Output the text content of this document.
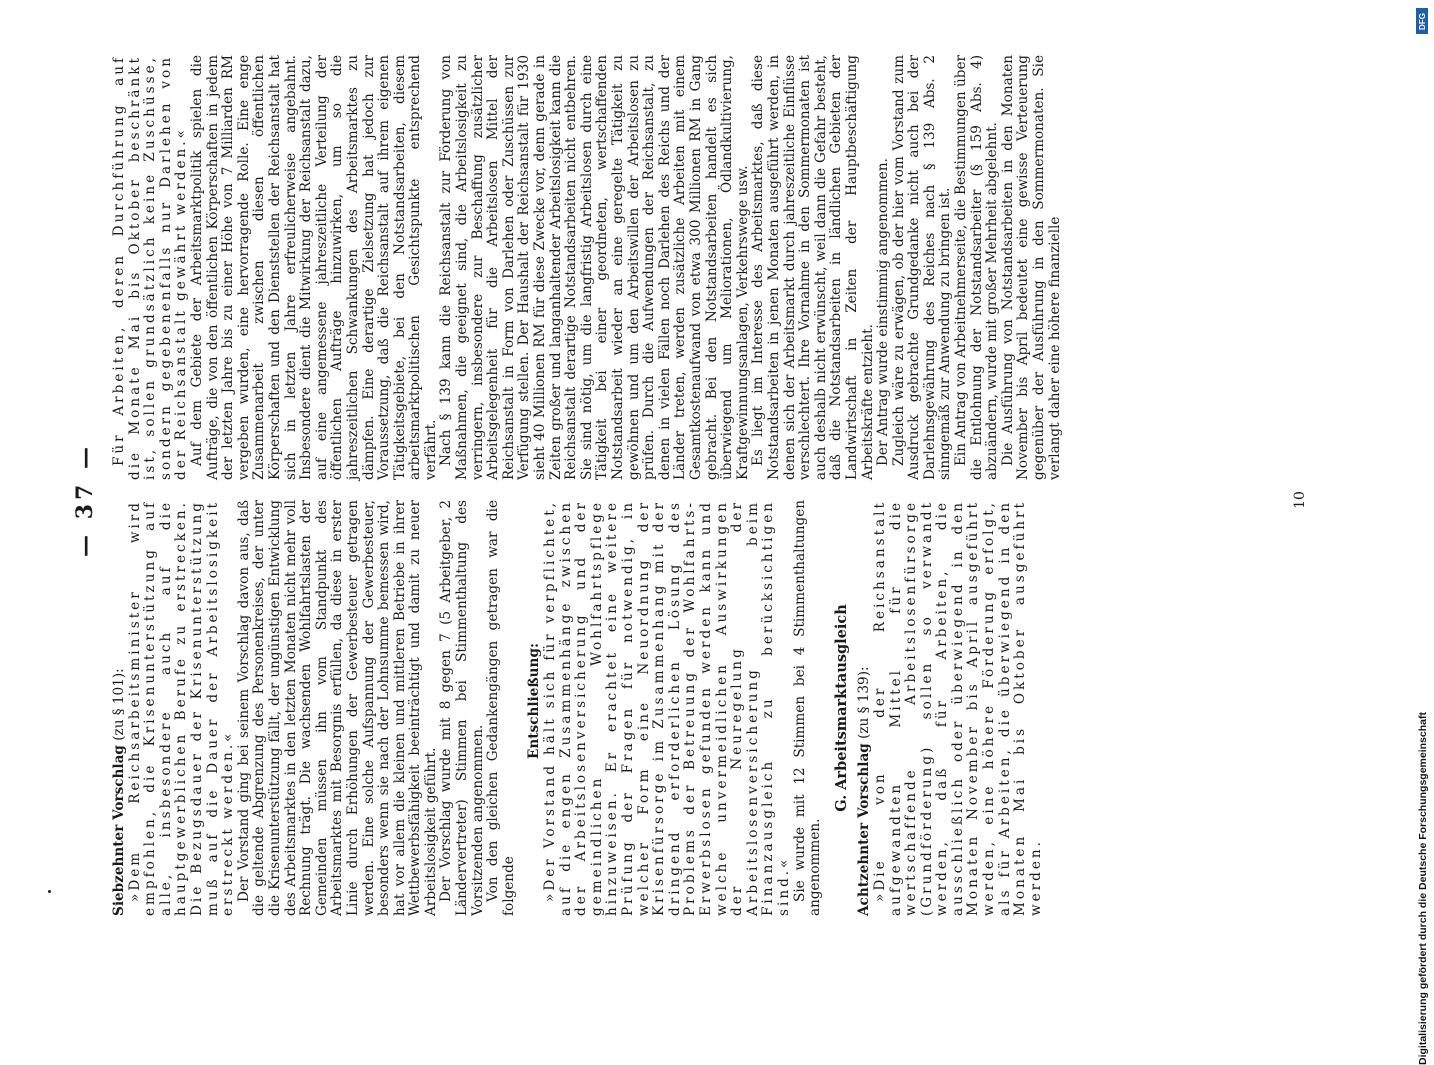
— 37 —

Siebzehnter Vorschlag (zu § 101): »Dem Reichsarbeitsminister wird empfohlen, die Krisenunterstützung auf alle, insbesondere auch auf die hauptgewerblichen Berufe zu erstrecken. Die Bezugsdauer der Krisenunterstützung muß auf die Dauer der Arbeitslosigkeit erstreckt werden.« Der Vorstand ging bei seinem Vorschlag davon aus, daß die geltende Abgrenzung des Personenkreises, der unter die Krisenunterstützung fällt, der ungünstigen Entwicklung des Arbeitsmarktes in den letzten Monaten nicht mehr voll Rechnung trägt. Die wachsenden Wohlfahrtslasten der Gemeinden müssen ihn vom Standpunkt des Arbeitsmarktes mit Besorgnis erfüllen, da diese in erster Linie durch Erhöhungen der Gewerbesteuer getragen werden. Eine solche Aufspannung der Gewerbesteuer, besonders wenn sie nach der Lohnsumme bemessen wird, hat vor allem die kleinen und mittleren Betriebe in ihrer Wettbewerbsfähigkeit beeinträchtigt und damit zu neuer Arbeitslosigkeit geführt. Der Vorschlag wurde mit 8 gegen 7 (5 Arbeitgeber, 2 Ländervertreter) Stimmen bei Stimmenthaltung des Vorsitzenden angenommen. Von den gleichen Gedankengängen getragen war die folgende

Entschließung: »Der Vorstand hält sich für verpflichtet, auf die engen Zusammenhänge zwischen der Arbeitslosenversicherung und der gemeindlichen Wohlfahrtspflege hinzuweisen. Er erachtet eine weitere Prüfung der Fragen für notwendig, in welcher Form eine Neuordnung der Krisenfürsorge im Zusammenhang mit der dringend erforderlichen Lösung des Problems der Betreuung der Wohlfahrts-Erwerbslosen gefunden werden kann und welche unvermeidlichen Auswirkungen der Neuregelung der Arbeitslosenversicherung beim Finanzausgleich zu berücksichtigen sind.« Sie wurde mit 12 Stimmen bei 4 Stimmenthaltungen angenommen.

G. Arbeitsmarktausgleich

Achtzehnter Vorschlag (zu § 139): »Die von der Reichsanstalt aufgewandten Mittel für die wertschaffende Arbeitslosenfürsorge (Grundförderung) sollen so verwandt werden, daß für Arbeiten, die ausschließlich oder überwiegend in den Monaten November bis April ausgeführt werden, eine höhere Förderung erfolgt, als für Arbeiten, die überwiegend in den Monaten Mai bis Oktober ausgeführt werden.

Für Arbeiten, deren Durchführung auf die Monate Mai bis Oktober beschränkt ist, sollen grundsätzlich keine Zuschüsse, sondern gegebenenfalls nur Darlehen von der Reichsanstalt gewährt werden.« Auf dem Gebiete der Arbeitsmarktpolitik spielen die Aufträge, die von den öffentlichen Körperschaften in jedem der letzten Jahre bis zu einer Höhe von 7 Milliarden RM vergeben wurden, eine hervorragende Rolle. Eine enge Zusammenarbeit zwischen diesen öffentlichen Körperschaften und den Dienststellen der Reichsanstalt hat sich in letzten Jahre erfreulicherweise angebahnt. Insbesondere dient die Mitwirkung der Reichsanstalt dazu, auf eine angemessene jahreszeitliche Verteilung der öffentlichen Aufträge hinzuwirken, um so die jahreszeitlichen Schwankungen des Arbeitsmarktes zu dämpfen. Eine derartige Zielsetzung hat jedoch zur Voraussetzung, daß die Reichsanstalt auf ihrem eigenen Tätigkeitsgebiete, bei den Notstandsarbeiten, diesem arbeitsmarktpolitischen Gesichtspunkte entsprechend verfährt. Nach § 139 kann die Reichsanstalt zur Förderung von Maßnahmen, die geeignet sind, die Arbeitslosigkeit zu verringern, insbesondere zur Beschaffung zusätzlicher Arbeitsgelegenheit für die Arbeitslosen Mittel der Reichsanstalt in Form von Darlehen oder Zuschüssen zur Verfügung stellen. Der Haushalt der Reichsanstalt für 1930 sieht 40 Millionen RM für diese Zwecke vor, denn gerade in Zeiten großer und langanhaltender Arbeitslosigkeit kann die Reichsanstalt derartige Notstandsarbeiten nicht entbehren. Sie sind nötig, um die langfristig Arbeitslosen durch eine Tätigkeit bei einer geordneten, wertschaffenden Notstandsarbeit wieder an eine geregelte Tätigkeit zu gewöhnen und um den Arbeitswillen der Arbeitslosen zu prüfen. Durch die Aufwendungen der Reichsanstalt, zu denen in vielen Fällen noch Darlehen des Reichs und der Länder treten, werden zusätzliche Arbeiten mit einem Gesamtkostenaufwand von etwa 300 Millionen RM in Gang gebracht. Bei den Notstandsarbeiten handelt es sich überwiegend um Meliorationen, Ödlandkultivierung, Kraftgewinnungsanlagen, Verkehrswege usw. Es liegt im Interesse des Arbeitsmarktes, daß diese Notstandsarbeiten in jenen Monaten ausgeführt werden, in denen sich der Arbeitsmarkt durch jahreszeitliche Einflüsse verschlechtert. Ihre Vornahme in den Sommermonaten ist auch deshalb nicht erwünscht, weil dann die Gefahr besteht, daß die Notstandsarbeiten in ländlichen Gebieten der Landwirtschaft in Zeiten der Hauptbeschäftigung Arbeitskräfte entzieht. Der Antrag wurde einstimmig angenommen. Zugleich wäre zu erwägen, ob der hier vom Vorstand zum Ausdruck gebrachte Grundgedanke nicht auch bei der Darlehnsgewährung des Reiches nach § 139 Abs. 2 sinngemäß zur Anwendung zu bringen ist. Ein Antrag von Arbeitnehmerseite, die Bestimmungen über die Entlohnung der Notstandsarbeiter (§ 159 Abs. 4) abzuändern, wurde mit großer Mehrheit abgelehnt. Die Ausführung von Notstandsarbeiten in den Monaten November bis April bedeutet eine gewisse Verteuerung gegenüber der Ausführung in den Sommermonaten. Sie verlangt daher eine höhere finanzielle

10
DFG
Digitalisierung gefördert durch die Deutsche Forschungsgemeinschaft
